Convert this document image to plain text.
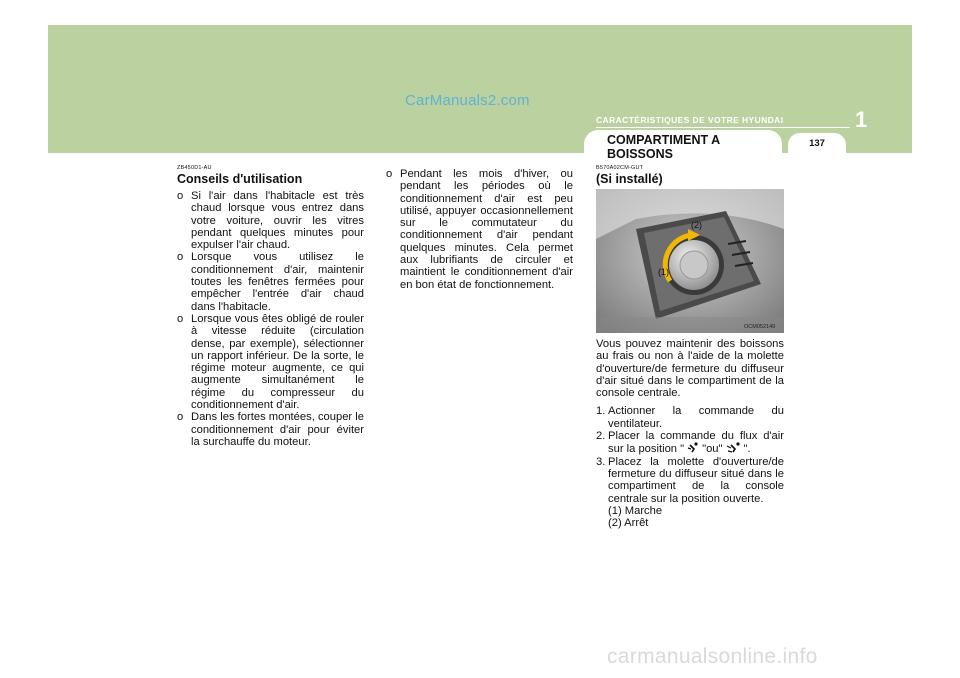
CarManuals2.com
1
CARACTÉRISTIQUES DE VOTRE HYUNDAI
COMPARTIMENT A
BOISSONS
137
ZB450D1-AU
Conseils d'utilisation
o Si l'air dans l'habitacle est très chaud lorsque vous entrez dans votre voiture, ouvrir les vitres pendant quelques minutes pour expulser l'air chaud.
o Lorsque vous utilisez le conditionnement d'air, maintenir toutes les fenêtres fermées pour empêcher l'entrée d'air chaud dans l'habitacle.
o Lorsque vous êtes obligé de rouler à vitesse réduite (circulation dense, par exemple), sélectionner un rapport inférieur. De la sorte, le régime moteur augmente, ce qui augmente simultanément le régime du compresseur du conditionnement d'air.
o Dans les fortes montées, couper le conditionnement d'air pour éviter la surchauffe du moteur.
o Pendant les mois d'hiver, ou pendant les périodes où le conditionnement d'air est peu utilisé, appuyer occasionnellement sur le commutateur du conditionnement d'air pendant quelques minutes. Cela permet aux lubrifiants de circuler et maintient le conditionnement d'air en bon état de fonctionnement.
B570A02CM-GUT
(Si installé)
(2)
(1)
OCM052149

Vous pouvez maintenir des boissons au frais ou non à l'aide de la molette d'ouverture/de fermeture du diffuseur d'air situé dans le compartiment de la console centrale.

1. Actionner la commande du ventilateur.
2. Placer la commande du flux d'air sur la position " "ou" ".
3. Placez la molette d'ouverture/de fermeture du diffuseur situé dans le compartiment de la console centrale sur la position ouverte.
(1) Marche
(2) Arrêt
carmanualsonline.info
